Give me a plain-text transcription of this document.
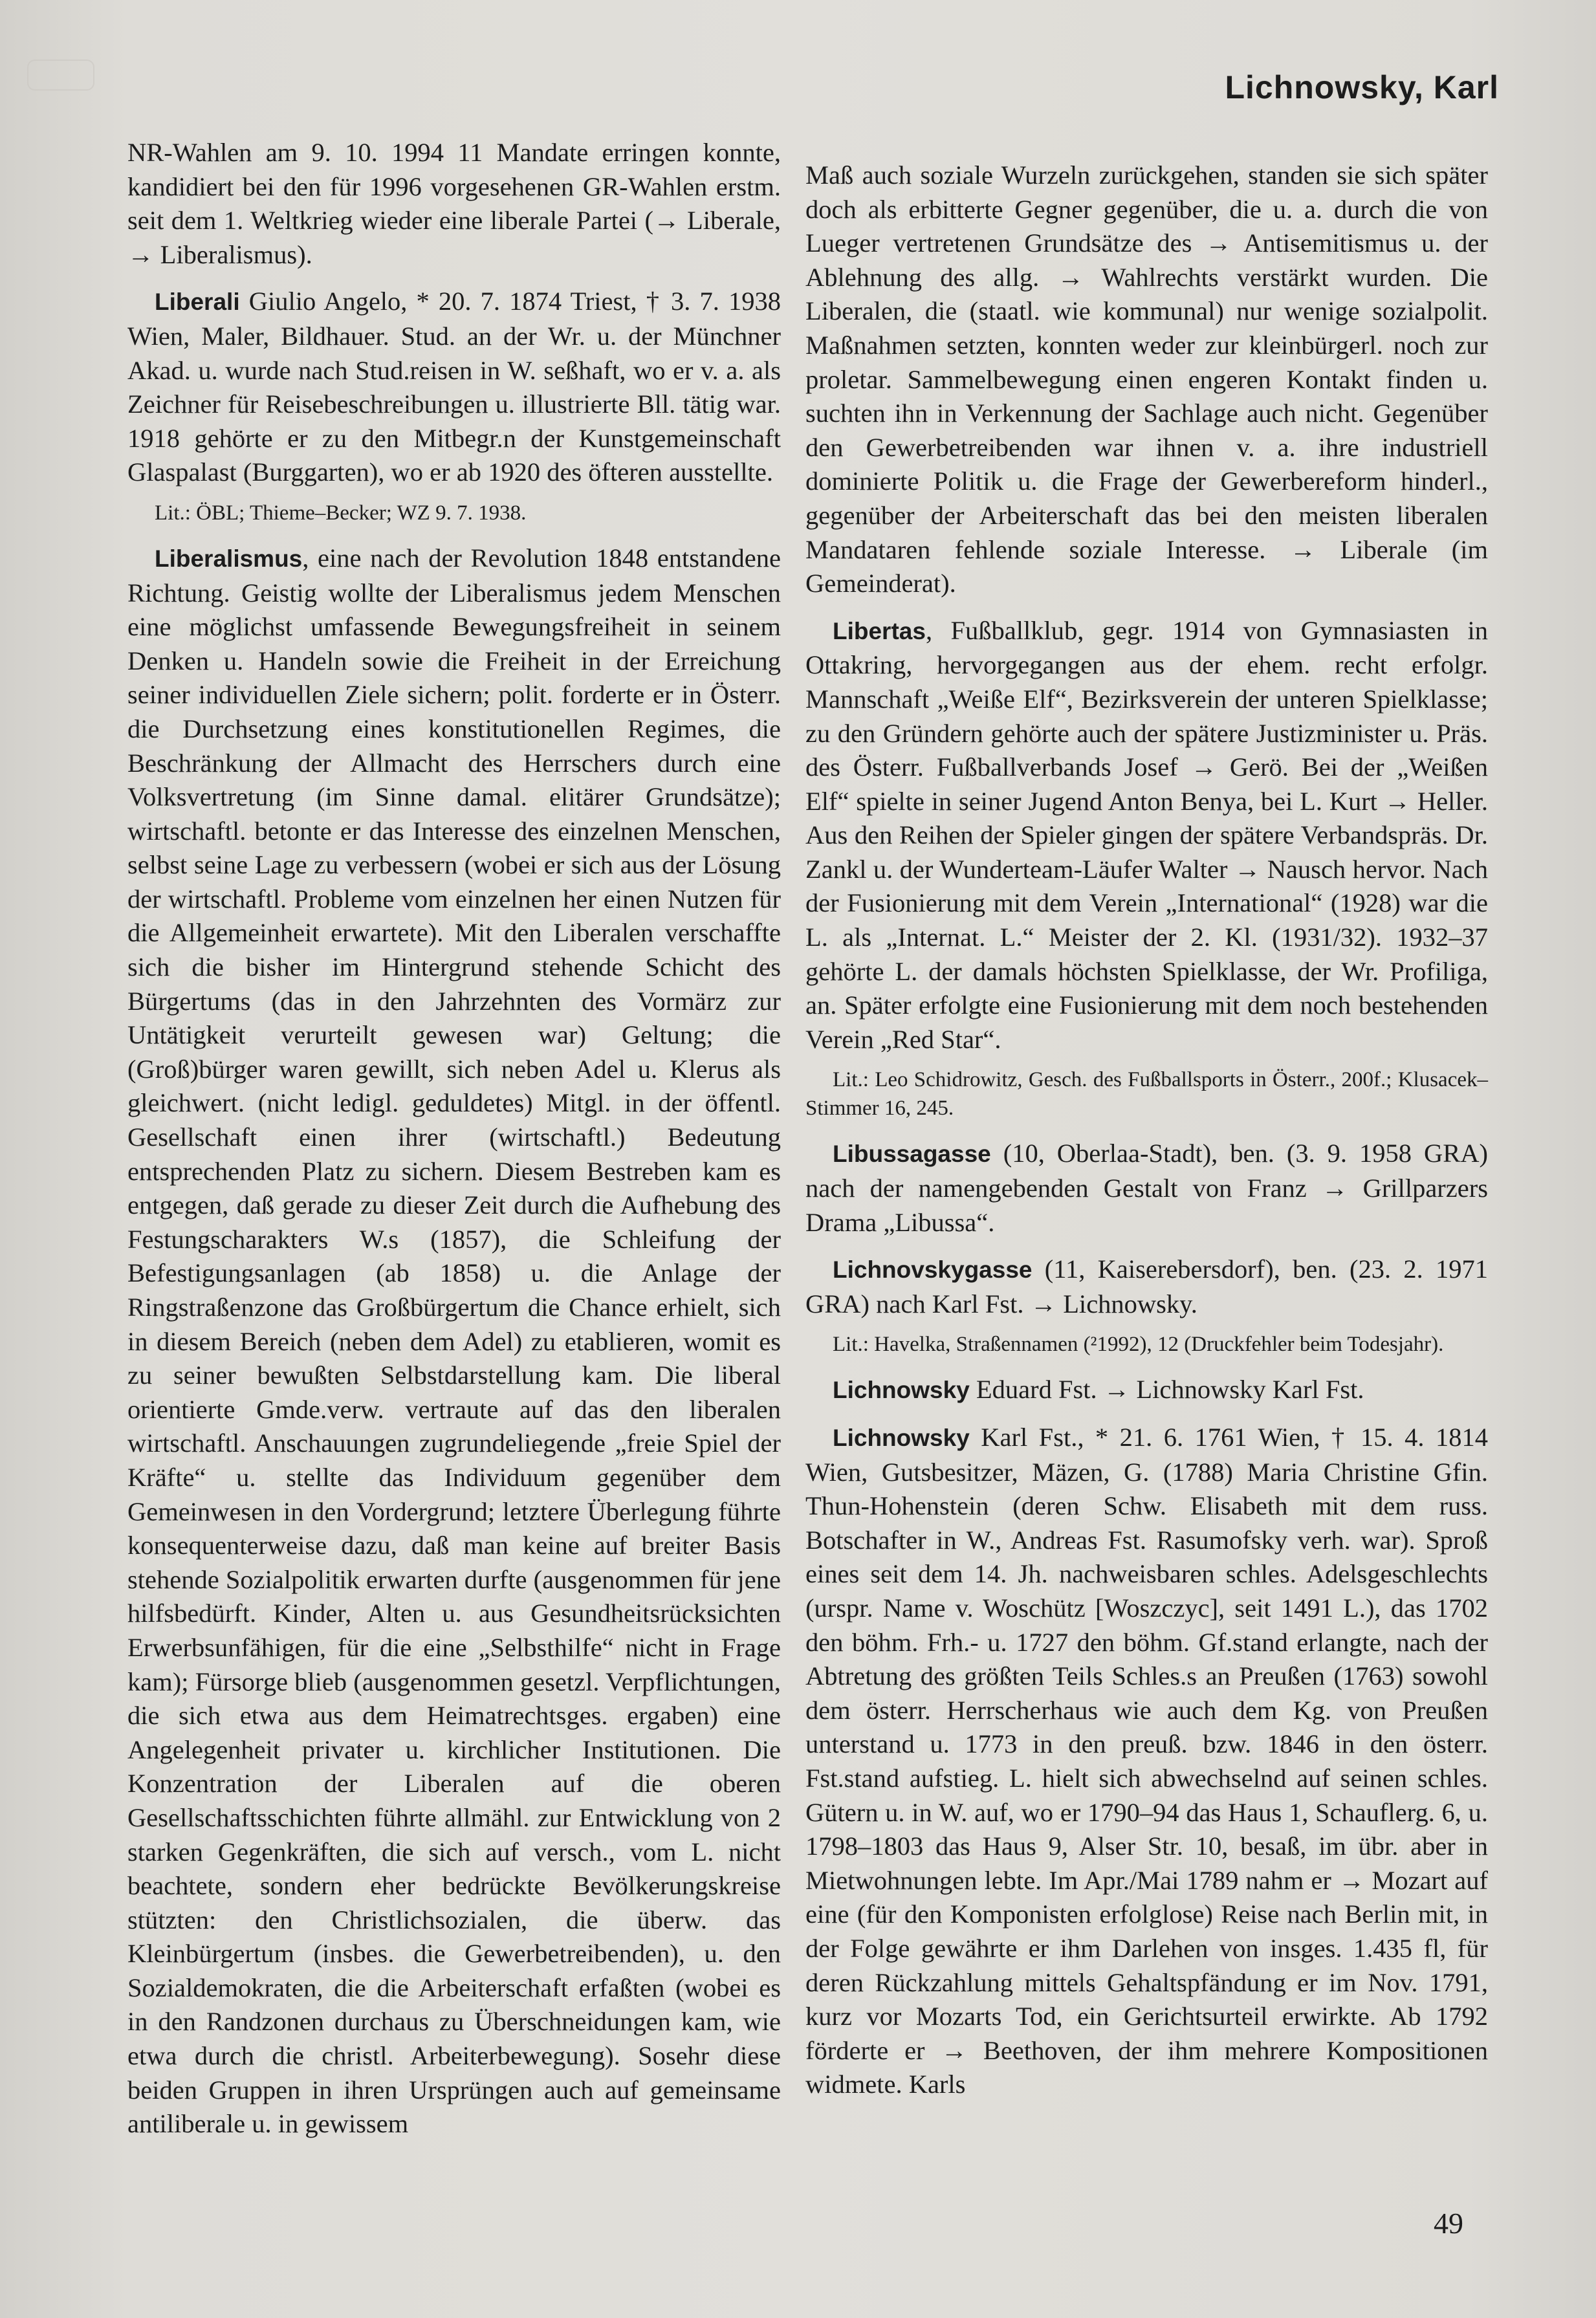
Lichnowsky, Karl

NR-Wahlen am 9. 10. 1994 11 Mandate erringen konnte, kandidiert bei den für 1996 vorgesehenen GR-Wahlen erstm. seit dem 1. Weltkrieg wieder eine liberale Partei (→ Liberale, → Liberalismus).

Liberali Giulio Angelo, * 20. 7. 1874 Triest, † 3. 7. 1938 Wien, Maler, Bildhauer. Stud. an der Wr. u. der Münchner Akad. u. wurde nach Stud.reisen in W. seßhaft, wo er v. a. als Zeichner für Reisebeschreibungen u. illustrierte Bll. tätig war. 1918 gehörte er zu den Mitbegr.n der Kunstgemeinschaft Glaspalast (Burggarten), wo er ab 1920 des öfteren ausstellte.

Lit.: ÖBL; Thieme–Becker; WZ 9. 7. 1938.

Liberalismus, eine nach der Revolution 1848 entstandene Richtung. Geistig wollte der Liberalismus jedem Menschen eine möglichst umfassende Bewegungsfreiheit in seinem Denken u. Handeln sowie die Freiheit in der Erreichung seiner individuellen Ziele sichern; polit. forderte er in Österr. die Durchsetzung eines konstitutionellen Regimes, die Beschränkung der Allmacht des Herrschers durch eine Volksvertretung (im Sinne damal. elitärer Grundsätze); wirtschaftl. betonte er das Interesse des einzelnen Menschen, selbst seine Lage zu verbessern (wobei er sich aus der Lösung der wirtschaftl. Probleme vom einzelnen her einen Nutzen für die Allgemeinheit erwartete). Mit den Liberalen verschaffte sich die bisher im Hintergrund stehende Schicht des Bürgertums (das in den Jahrzehnten des Vormärz zur Untätigkeit verurteilt gewesen war) Geltung; die (Groß)bürger waren gewillt, sich neben Adel u. Klerus als gleichwert. (nicht ledigl. geduldetes) Mitgl. in der öffentl. Gesellschaft einen ihrer (wirtschaftl.) Bedeutung entsprechenden Platz zu sichern. Diesem Bestreben kam es entgegen, daß gerade zu dieser Zeit durch die Aufhebung des Festungscharakters W.s (1857), die Schleifung der Befestigungsanlagen (ab 1858) u. die Anlage der Ringstraßenzone das Großbürgertum die Chance erhielt, sich in diesem Bereich (neben dem Adel) zu etablieren, womit es zu seiner bewußten Selbstdarstellung kam. Die liberal orientierte Gmde.verw. vertraute auf das den liberalen wirtschaftl. Anschauungen zugrundeliegende „freie Spiel der Kräfte“ u. stellte das Individuum gegenüber dem Gemeinwesen in den Vordergrund; letztere Überlegung führte konsequenterweise dazu, daß man keine auf breiter Basis stehende Sozialpolitik erwarten durfte (ausgenommen für jene hilfsbedürft. Kinder, Alten u. aus Gesundheitsrücksichten Erwerbsunfähigen, für die eine „Selbsthilfe“ nicht in Frage kam); Fürsorge blieb (ausgenommen gesetzl. Verpflichtungen, die sich etwa aus dem Heimatrechtsges. ergaben) eine Angelegenheit privater u. kirchlicher Institutionen. Die Konzentration der Liberalen auf die oberen Gesellschaftsschichten führte allmähl. zur Entwicklung von 2 starken Gegenkräften, die sich auf versch., vom L. nicht beachtete, sondern eher bedrückte Bevölkerungskreise stützten: den Christlichsozialen, die überw. das Kleinbürgertum (insbes. die Gewerbetreibenden), u. den Sozialdemokraten, die die Arbeiterschaft erfaßten (wobei es in den Randzonen durchaus zu Überschneidungen kam, wie etwa durch die christl. Arbeiterbewegung). Sosehr diese beiden Gruppen in ihren Ursprüngen auch auf gemeinsame antiliberale u. in gewissem

Maß auch soziale Wurzeln zurückgehen, standen sie sich später doch als erbitterte Gegner gegenüber, die u. a. durch die von Lueger vertretenen Grundsätze des → Antisemitismus u. der Ablehnung des allg. → Wahlrechts verstärkt wurden. Die Liberalen, die (staatl. wie kommunal) nur wenige sozialpolit. Maßnahmen setzten, konnten weder zur kleinbürgerl. noch zur proletar. Sammelbewegung einen engeren Kontakt finden u. suchten ihn in Verkennung der Sachlage auch nicht. Gegenüber den Gewerbetreibenden war ihnen v. a. ihre industriell dominierte Politik u. die Frage der Gewerbereform hinderl., gegenüber der Arbeiterschaft das bei den meisten liberalen Mandataren fehlende soziale Interesse. → Liberale (im Gemeinderat).

Libertas, Fußballklub, gegr. 1914 von Gymnasiasten in Ottakring, hervorgegangen aus der ehem. recht erfolgr. Mannschaft „Weiße Elf“, Bezirksverein der unteren Spielklasse; zu den Gründern gehörte auch der spätere Justizminister u. Präs. des Österr. Fußballverbands Josef → Gerö. Bei der „Weißen Elf“ spielte in seiner Jugend Anton Benya, bei L. Kurt → Heller. Aus den Reihen der Spieler gingen der spätere Verbandspräs. Dr. Zankl u. der Wunderteam-Läufer Walter → Nausch hervor. Nach der Fusionierung mit dem Verein „International“ (1928) war die L. als „Internat. L.“ Meister der 2. Kl. (1931/32). 1932–37 gehörte L. der damals höchsten Spielklasse, der Wr. Profiliga, an. Später erfolgte eine Fusionierung mit dem noch bestehenden Verein „Red Star“.

Lit.: Leo Schidrowitz, Gesch. des Fußballsports in Österr., 200f.; Klusacek–Stimmer 16, 245.

Libussagasse (10, Oberlaa-Stadt), ben. (3. 9. 1958 GRA) nach der namengebenden Gestalt von Franz → Grillparzers Drama „Libussa“.

Lichnovskygasse (11, Kaiserebersdorf), ben. (23. 2. 1971 GRA) nach Karl Fst. → Lichnowsky.

Lit.: Havelka, Straßennamen (²1992), 12 (Druckfehler beim Todesjahr).

Lichnowsky Eduard Fst. → Lichnowsky Karl Fst.

Lichnowsky Karl Fst., * 21. 6. 1761 Wien, † 15. 4. 1814 Wien, Gutsbesitzer, Mäzen, G. (1788) Maria Christine Gfin. Thun-Hohenstein (deren Schw. Elisabeth mit dem russ. Botschafter in W., Andreas Fst. Rasumofsky verh. war). Sproß eines seit dem 14. Jh. nachweisbaren schles. Adelsgeschlechts (urspr. Name v. Woschütz [Woszczyc], seit 1491 L.), das 1702 den böhm. Frh.- u. 1727 den böhm. Gf.stand erlangte, nach der Abtretung des größten Teils Schles.s an Preußen (1763) sowohl dem österr. Herrscherhaus wie auch dem Kg. von Preußen unterstand u. 1773 in den preuß. bzw. 1846 in den österr. Fst.stand aufstieg. L. hielt sich abwechselnd auf seinen schles. Gütern u. in W. auf, wo er 1790–94 das Haus 1, Schauflerg. 6, u. 1798–1803 das Haus 9, Alser Str. 10, besaß, im übr. aber in Mietwohnungen lebte. Im Apr./Mai 1789 nahm er → Mozart auf eine (für den Komponisten erfolglose) Reise nach Berlin mit, in der Folge gewährte er ihm Darlehen von insges. 1.435 fl, für deren Rückzahlung mittels Gehaltspfändung er im Nov. 1791, kurz vor Mozarts Tod, ein Gerichtsurteil erwirkte. Ab 1792 förderte er → Beethoven, der ihm mehrere Kompositionen widmete. Karls

49
